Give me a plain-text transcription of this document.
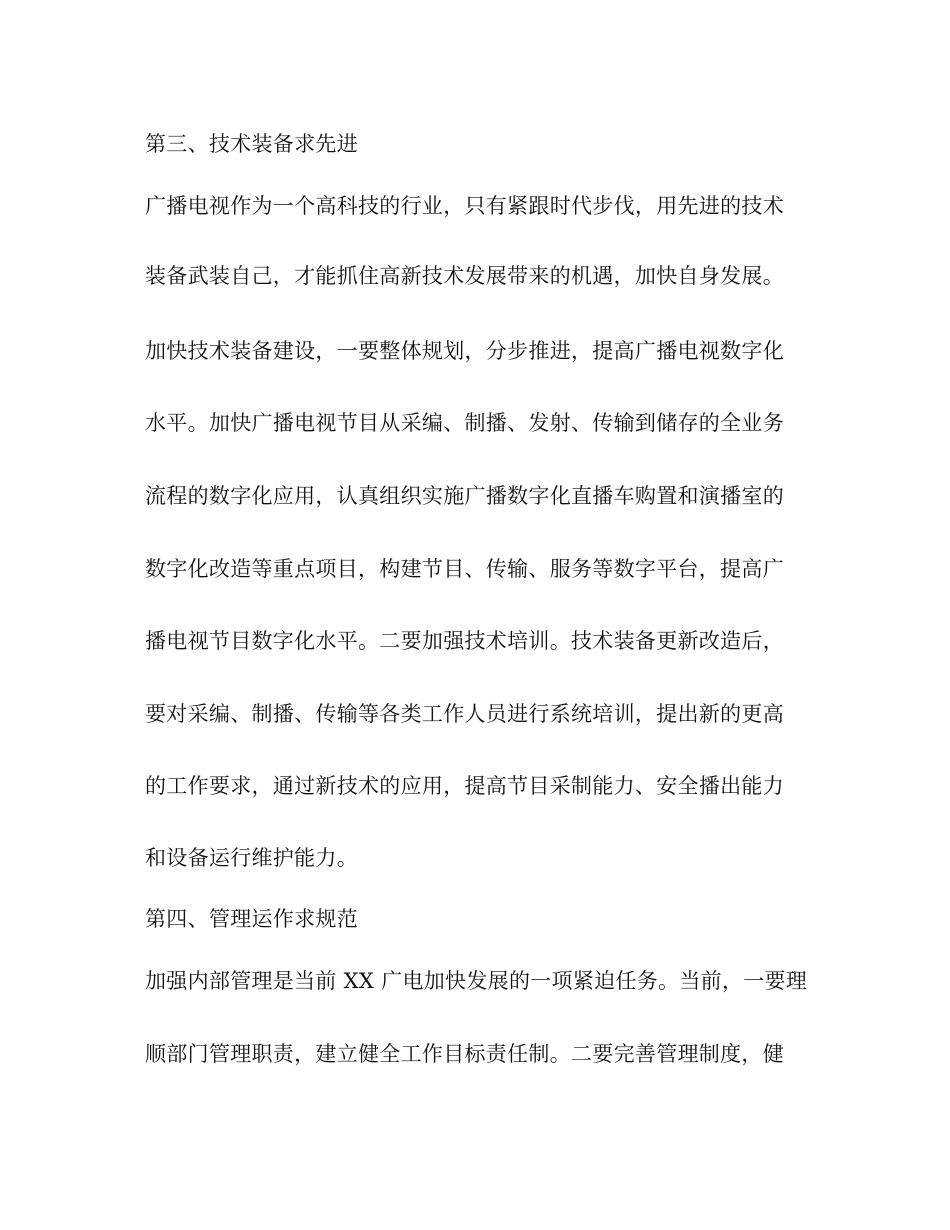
第三、技术装备求先进
广播电视作为一个高科技的行业，只有紧跟时代步伐，用先进的技术
装备武装自己，才能抓住高新技术发展带来的机遇，加快自身发展。
加快技术装备建设，一要整体规划，分步推进，提高广播电视数字化
水平。加快广播电视节目从采编、制播、发射、传输到储存的全业务
流程的数字化应用，认真组织实施广播数字化直播车购置和演播室的
数字化改造等重点项目，构建节目、传输、服务等数字平台，提高广
播电视节目数字化水平。二要加强技术培训。技术装备更新改造后，
要对采编、制播、传输等各类工作人员进行系统培训，提出新的更高
的工作要求，通过新技术的应用，提高节目采制能力、安全播出能力
和设备运行维护能力。
第四、管理运作求规范
加强内部管理是当前 XX 广电加快发展的一项紧迫任务。当前，一要理
顺部门管理职责，建立健全工作目标责任制。二要完善管理制度，健
